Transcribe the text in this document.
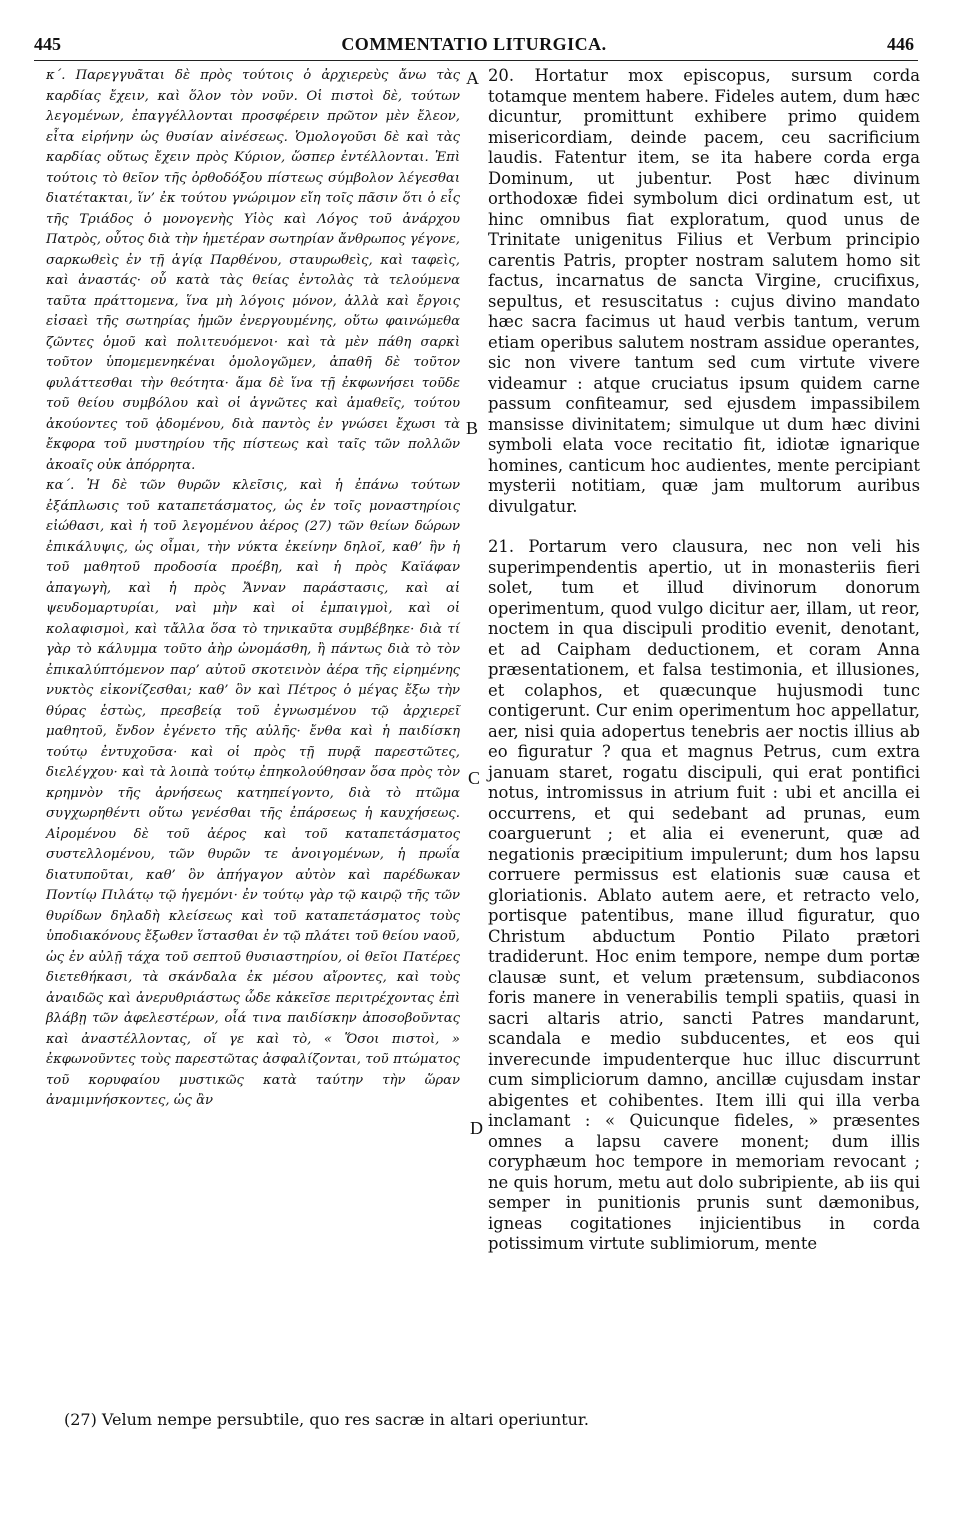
445	COMMENTATIO LITURGICA.	446

κ΄. Παρεγγυᾶται δὲ πρὸς τούτοις ὁ ἀρχιερεὺς ἄνω τὰς καρδίας ἔχειν, καὶ ὅλον τὸν νοῦν. Οἱ πιστοὶ δὲ, τούτων λεγομένων, ἐπαγγέλλονται προσφέρειν πρῶτον μὲν ἔλεον, εἶτα εἰρήνην ὡς θυσίαν αἰνέσεως. Ὁμολογοῦσι δὲ καὶ τὰς καρδίας οὕτως ἔχειν πρὸς Κύριον, ὥσπερ ἐντέλλονται. Ἐπὶ τούτοις τὸ θεῖον τῆς ὀρθοδόξου πίστεως σύμβολον λέγεσθαι διατέτακται, ἵν’ ἐκ τούτου γνώριμον εἴη τοῖς πᾶσιν ὅτι ὁ εἷς τῆς Τριάδος ὁ μονογενὴς Υἱὸς καὶ Λόγος τοῦ ἀνάρχου Πατρὸς, οὗτος διὰ τὴν ἡμετέραν σωτηρίαν ἄνθρωπος γέγονε, σαρκωθεὶς ἐν τῇ ἁγίᾳ Παρθένου, σταυρωθεὶς, καὶ ταφεὶς, καὶ ἀναστάς· οὗ κατὰ τὰς θείας ἐντολὰς τὰ τελούμενα ταῦτα πράττομενα, ἵνα μὴ λόγοις μόνον, ἀλλὰ καὶ ἔργοις εἰσαεὶ τῆς σωτηρίας ἡμῶν ἐνεργουμένης, οὕτω φαινώμεθα ζῶντες ὁμοῦ καὶ πολιτευόμενοι· καὶ τὰ μὲν πάθη σαρκὶ τοῦτον ὑπομεμενηκέναι ὁμολογῶμεν, ἀπαθῆ δὲ τοῦτον φυλάττεσθαι τὴν θεότητα· ἅμα δὲ ἵνα τῇ ἐκφωνήσει τοῦδε τοῦ θείου συμβόλου καὶ οἱ ἀγνῶτες καὶ ἀμαθεῖς, τούτου ἀκούοντες τοῦ ᾀδομένου, διὰ παντὸς ἐν γνώσει ἔχωσι τὰ ἔκφορα τοῦ μυστηρίου τῆς πίστεως καὶ ταῖς τῶν πολλῶν ἀκοαῖς οὐκ ἀπόρρητα.

κα΄. Ἡ δὲ τῶν θυρῶν κλεῖσις, καὶ ἡ ἐπάνω τούτων ἐξάπλωσις τοῦ καταπετάσματος, ὡς ἐν τοῖς μοναστηρίοις εἰώθασι, καὶ ἡ τοῦ λεγομένου ἀέρος (27) τῶν θείων δώρων ἐπικάλυψις, ὡς οἶμαι, τὴν νύκτα ἐκείνην δηλοῖ, καθ’ ἣν ἡ τοῦ μαθητοῦ προδοσία προέβη, καὶ ἡ πρὸς Καϊάφαν ἀπαγωγὴ, καὶ ἡ πρὸς Ἄνναν παράστασις, καὶ αἱ ψευδομαρτυρίαι, ναὶ μὴν καὶ οἱ ἐμπαιγμοὶ, καὶ οἱ κολαφισμοὶ, καὶ τἄλλα ὅσα τὸ τηνικαῦτα συμβέβηκε· διὰ τί γὰρ τὸ κάλυμμα τοῦτο ἀὴρ ὠνομάσθη, ἢ πάντως διὰ τὸ τὸν ἐπικαλύπτόμενον παρ’ αὐτοῦ σκοτεινὸν ἀέρα τῆς εἰρημένης νυκτὸς εἰκονίζεσθαι; καθ’ ὃν καὶ Πέτρος ὁ μέγας ἔξω τὴν θύρας ἑστὼς, πρεσβείᾳ τοῦ ἐγνωσμένου τῷ ἀρχιερεῖ μαθητοῦ, ἔνδον ἐγένετο τῆς αὐλῆς· ἔνθα καὶ ἡ παιδίσκη τούτῳ ἐντυχοῦσα· καὶ οἱ πρὸς τῇ πυρᾷ παρεστῶτες, διελέγχου· καὶ τὰ λοιπὰ τούτῳ ἐπηκολούθησαν ὅσα πρὸς τὸν κρημνὸν τῆς ἀρνήσεως κατηπείγοντο, διὰ τὸ πτῶμα συγχωρηθέντι οὕτω γενέσθαι τῆς ἐπάρσεως ἡ καυχήσεως. Αἰρομένου δὲ τοῦ ἀέρος καὶ τοῦ καταπετάσματος συστελλομένου, τῶν θυρῶν τε ἀνοιγομένων, ἡ πρωΐα διατυποῦται, καθ’ ὃν ἀπήγαγον αὐτὸν καὶ παρέδωκαν Ποντίῳ Πιλάτῳ τῷ ἡγεμόνι· ἐν τούτῳ γὰρ τῷ καιρῷ τῆς τῶν θυρίδων δηλαδὴ κλείσεως καὶ τοῦ καταπετάσματος τοὺς ὑποδιακόνους ἔξωθεν ἵστασθαι ἐν τῷ πλάτει τοῦ θείου ναοῦ, ὡς ἐν αὐλῇ τάχα τοῦ σεπτοῦ θυσιαστηρίου, οἱ θεῖοι Πατέρες διετεθήκασι, τὰ σκάνδαλα ἐκ μέσου αἴροντες, καὶ τοὺς ἀναιδῶς καὶ ἀνερυθριάστως ὧδε κἀκεῖσε περιτρέχοντας ἐπὶ βλάβῃ τῶν ἀφελεστέρων, οἷά τινα παιδίσκην ἀποσοβοῦντας καὶ ἀναστέλλοντας, οἵ γε καὶ τὸ, « Ὅσοι πιστοὶ, » ἐκφωνοῦντες τοὺς παρεστῶτας ἀσφαλίζονται, τοῦ πτώματος τοῦ κορυφαίου μυστικῶς κατὰ ταύτην τὴν ὥραν ἀναμιμνήσκοντες, ὡς ἂν

20. Hortatur mox episcopus, sursum corda totamque mentem habere. Fideles autem, dum hæc dicuntur, promittunt exhibere primo quidem misericordiam, deinde pacem, ceu sacrificium laudis. Fatentur item, se ita habere corda erga Dominum, ut jubentur. Post hæc divinum orthodoxæ fidei symbolum dici ordinatum est, ut hinc omnibus fiat exploratum, quod unus de Trinitate unigenitus Filius et Verbum principio carentis Patris, propter nostram salutem homo sit factus, incarnatus de sancta Virgine, crucifixus, sepultus, et resuscitatus : cujus divino mandato hæc sacra facimus ut haud verbis tantum, verum etiam operibus salutem nostram assidue operantes, sic non vivere tantum sed cum virtute vivere videamur : atque cruciatus ipsum quidem carne passum confiteamur, sed ejusdem impassibilem mansisse divinitatem; simulque ut dum hæc divini symboli elata voce recitatio fit, idiotæ ignarique homines, canticum hoc audientes, mente percipiant mysterii notitiam, quæ jam multorum auribus divulgatur.

21. Portarum vero clausura, nec non veli his superimpendentis apertio, ut in monasteriis fieri solet, tum et illud divinorum donorum operimentum, quod vulgo dicitur aer, illam, ut reor, noctem in qua discipuli proditio evenit, denotant, et ad Caipham deductionem, et coram Anna præsentationem, et falsa testimonia, et illusiones, et colaphos, et quæcunque hujusmodi tunc contigerunt. Cur enim operimentum hoc appellatur, aer, nisi quia adopertus tenebris aer noctis illius ab eo figuratur ? qua et magnus Petrus, cum extra januam staret, rogatu discipuli, qui erat pontifici notus, intromissus in atrium fuit : ubi et ancilla ei occurrens, et qui sedebant ad prunas, eum coarguerunt ; et alia ei evenerunt, quæ ad negationis præcipitium impulerunt; dum hos lapsu corruere permissus est elationis suæ causa et gloriationis. Ablato autem aere, et retracto velo, portisque patentibus, mane illud figuratur, quo Christum abductum Pontio Pilato prætori tradiderunt. Hoc enim tempore, nempe dum portæ clausæ sunt, et velum prætensum, subdiaconos foris manere in venerabilis templi spatiis, quasi in sacri altaris atrio, sancti Patres mandarunt, scandala e medio subducentes, et eos qui inverecunde impudenterque huc illuc discurrunt cum simpliciorum damno, ancillæ cujusdam instar abigentes et cohibentes. Item illi qui illa verba inclamant : « Quicunque fideles, » præsentes omnes a lapsu cavere monent; dum illis coryphæum hoc tempore in memoriam revocant ; ne quis horum, metu aut dolo subripiente, ab iis qui semper in punitionis prunis sunt dæmonibus, igneas cogitationes injicientibus in corda potissimum virtute sublimiorum, mente

A
B
C
D
(27) Velum nempe persubtile, quo res sacræ in altari operiuntur.
